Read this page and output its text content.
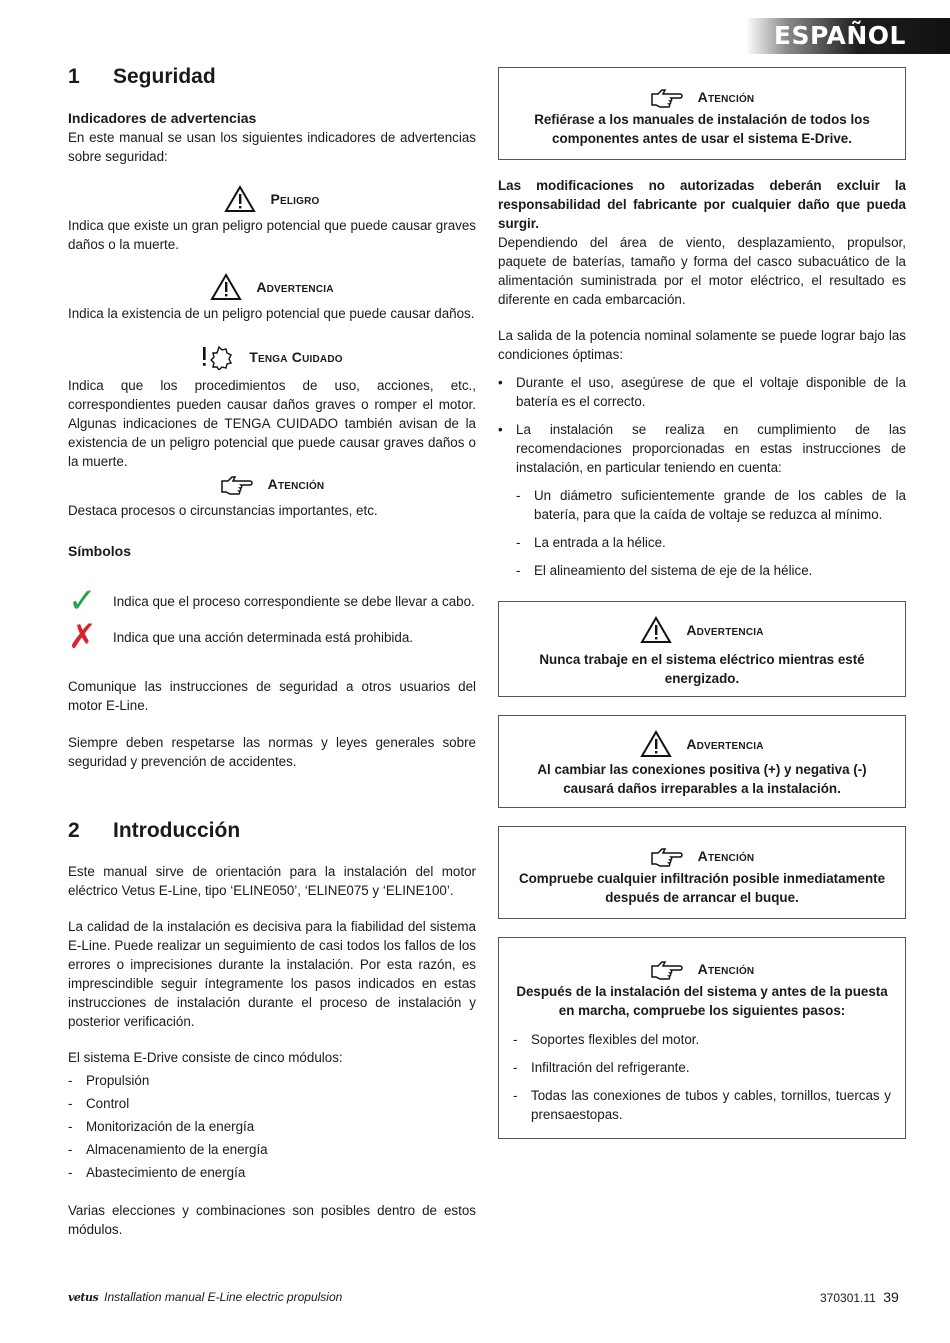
ESPAÑOL
1 Seguridad
Indicadores de advertencias
En este manual se usan los siguientes indicadores de advertencias sobre seguridad:
Peligro
Indica que existe un gran peligro potencial que puede causar graves daños o la muerte.
Advertencia
Indica la existencia de un peligro potencial que puede causar daños.
Tenga Cuidado
Indica que los procedimientos de uso, acciones, etc., correspondientes pueden causar daños graves o romper el motor. Algunas indicaciones de TENGA CUIDADO también avisan de la existencia de un peligro potencial que puede causar graves daños o la muerte.
Atención
Destaca procesos o circunstancias importantes, etc.
Símbolos
✓	Indica que el proceso correspondiente se debe llevar a cabo.
✗	Indica que una acción determinada está prohibida.
Comunique las instrucciones de seguridad a otros usuarios del motor E-Line.
Siempre deben respetarse las normas y leyes generales sobre seguridad y prevención de accidentes.
2 Introducción
Este manual sirve de orientación para la instalación del motor eléctrico Vetus E-Line, tipo ‘ELINE050’, ‘ELINE075 y ‘ELINE100’.
La calidad de la instalación es decisiva para la fiabilidad del sistema E-Line. Puede realizar un seguimiento de casi todos los fallos de los errores o imprecisiones durante la instalación. Por esta razón, es imprescindible seguir íntegramente los pasos indicados en estas instrucciones de instalación durante el proceso de instalación y posterior verificación.
El sistema E-Drive consiste de cinco módulos:
- Propulsión
- Control
- Monitorización de la energía
- Almacenamiento de la energía
- Abastecimiento de energía
Varias elecciones y combinaciones son posibles dentro de estos módulos.
Atención
Refiérase a los manuales de instalación de todos los componentes antes de usar el sistema E-Drive.
Las modificaciones no autorizadas deberán excluir la responsabilidad del fabricante por cualquier daño que pueda surgir.
Dependiendo del área de viento, desplazamiento, propulsor, paquete de baterías, tamaño y forma del casco subacuático de la alimentación suministrada por el motor eléctrico, el resultado es diferente en cada embarcación.
La salida de la potencia nominal solamente se puede lograr bajo las condiciones óptimas:
• Durante el uso, asegúrese de que el voltaje disponible de la batería es el correcto.
• La instalación se realiza en cumplimiento de las recomendaciones proporcionadas en estas instrucciones de instalación, en particular teniendo en cuenta:
- Un diámetro suficientemente grande de los cables de la batería, para que la caída de voltaje se reduzca al mínimo.
- La entrada a la hélice.
- El alineamiento del sistema de eje de la hélice.
Advertencia
Nunca trabaje en el sistema eléctrico mientras esté energizado.
Advertencia
Al cambiar las conexiones positiva (+) y negativa (-) causará daños irreparables a la instalación.
Atención
Compruebe cualquier infiltración posible inmediatamente después de arrancar el buque.
Atención
Después de la instalación del sistema y antes de la puesta en marcha, compruebe los siguientes pasos:
- Soportes flexibles del motor.
- Infiltración del refrigerante.
- Todas las conexiones de tubos y cables, tornillos, tuercas y prensaestopas.
vetus Installation manual E-Line electric propulsion	370301.11 39
